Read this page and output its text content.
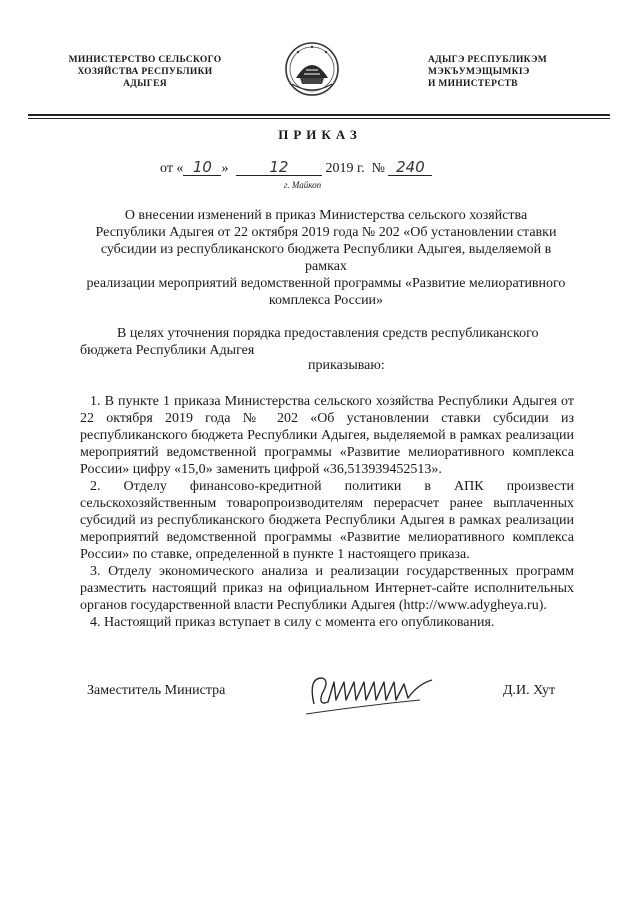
МИНИСТЕРСТВО СЕЛЬСКОГО
ХОЗЯЙСТВА РЕСПУБЛИКИ
АДЫГЕЯ
АДЫГЭ РЕСПУБЛИКЭМ
МЭКЪУМЭЩЫМКIЭ
И МИНИСТЕРСТВ
ПРИКАЗ
от « 10 »	12	2019 г. № 240
г. Майкоп
О внесении изменений в приказ Министерства сельского хозяйства
Республики Адыгея от 22 октября 2019 года № 202 «Об установлении ставки
субсидии из республиканского бюджета Республики Адыгея, выделяемой в рамках
реализации мероприятий ведомственной программы «Развитие мелиоративного
комплекса России»
В целях уточнения порядка предоставления средств республиканского бюджета Республики Адыгея
приказываю:
1. В пункте 1 приказа Министерства сельского хозяйства Республики Адыгея от 22 октября 2019 года № 202 «Об установлении ставки субсидии из республиканского бюджета Республики Адыгея, выделяемой в рамках реализации мероприятий ведомственной программы «Развитие мелиоративного комплекса России» цифру «15,0» заменить цифрой «36,513939452513».
2. Отделу финансово-кредитной политики в АПК произвести сельскохозяйственным товаропроизводителям перерасчет ранее выплаченных субсидий из республиканского бюджета Республики Адыгея в рамках реализации мероприятий ведомственной программы «Развитие мелиоративного комплекса России» по ставке, определенной в пункте 1 настоящего приказа.
3. Отделу экономического анализа и реализации государственных программ разместить настоящий приказ на официальном Интернет-сайте исполнительных органов государственной власти Республики Адыгея (http://www.adygheya.ru).
4. Настоящий приказ вступает в силу с момента его опубликования.
Заместитель Министра	Д.И. Хут
